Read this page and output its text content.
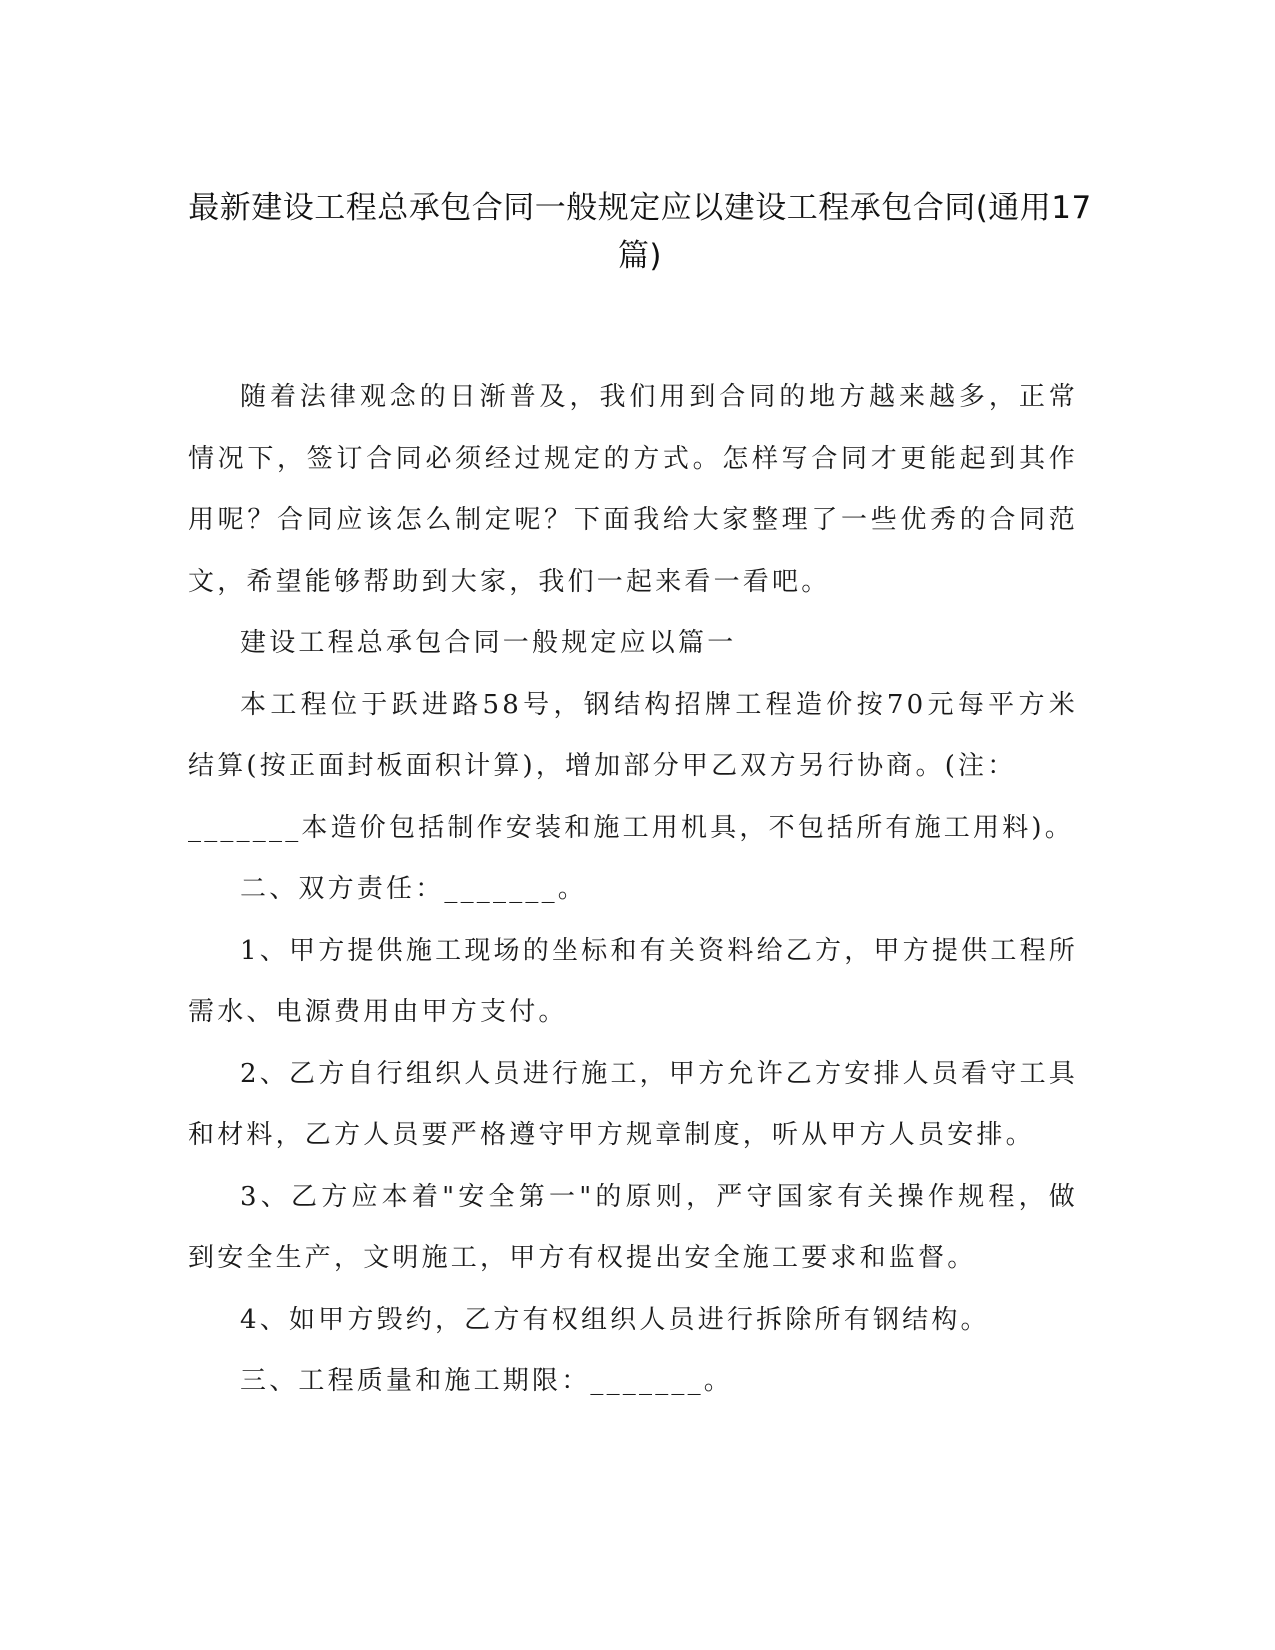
最新建设工程总承包合同一般规定应以建设工程承包合同(通用17篇)

随着法律观念的日渐普及，我们用到合同的地方越来越多，正常情况下，签订合同必须经过规定的方式。怎样写合同才更能起到其作用呢？合同应该怎么制定呢？下面我给大家整理了一些优秀的合同范文，希望能够帮助到大家，我们一起来看一看吧。

建设工程总承包合同一般规定应以篇一

本工程位于跃进路58号，钢结构招牌工程造价按70元每平方米结算(按正面封板面积计算)，增加部分甲乙双方另行协商。(注：

_______本造价包括制作安装和施工用机具，不包括所有施工用料)。

二、双方责任：_______。

1、甲方提供施工现场的坐标和有关资料给乙方，甲方提供工程所需水、电源费用由甲方支付。

2、乙方自行组织人员进行施工，甲方允许乙方安排人员看守工具和材料，乙方人员要严格遵守甲方规章制度，听从甲方人员安排。

3、乙方应本着"安全第一"的原则，严守国家有关操作规程，做到安全生产，文明施工，甲方有权提出安全施工要求和监督。

4、如甲方毁约，乙方有权组织人员进行拆除所有钢结构。

三、工程质量和施工期限：_______。
